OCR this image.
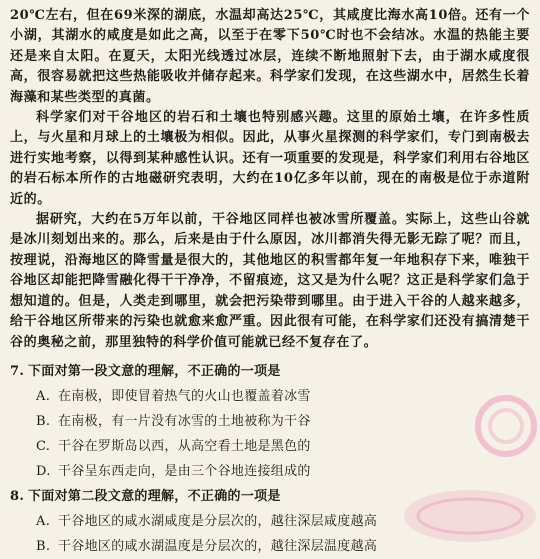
20℃左右，但在69米深的湖底，水温却高达25℃，其咸度比海水高10倍。还有一个小湖，其湖水的咸度是如此之高，以至于在零下50℃时也不会结冰。水温的热能主要还是来自太阳。在夏天，太阳光线透过冰层，连续不断地照射下去，由于湖水咸度很高，很容易就把这些热能吸收并储存起来。科学家们发现，在这些湖水中，居然生长着海藻和某些类型的真菌。

科学家们对干谷地区的岩石和土壤也特别感兴趣。这里的原始土壤，在许多性质上，与火星和月球上的土壤极为相似。因此，从事火星探测的科学家们，专门到南极去进行实地考察，以得到某种感性认识。还有一项重要的发现是，科学家们利用右谷地区的岩石标本所作的古地磁研究表明，大约在10亿多年以前，现在的南极是位于赤道附近的。

据研究，大约在5万年以前，干谷地区同样也被冰雪所覆盖。实际上，这些山谷就是冰川刻划出来的。那么，后来是由于什么原因，冰川都消失得无影无踪了呢？而且，按理说，沿海地区的降雪量是很大的，其他地区的积雪都年复一年地积存下来，唯独干谷地区却能把降雪融化得干干净净，不留痕迹，这又是为什么呢？这正是科学家们急于想知道的。但是，人类走到哪里，就会把污染带到哪里。由于进入干谷的人越来越多，给干谷地区所带来的污染也就愈来愈严重。因此很有可能，在科学家们还没有搞清楚干谷的奥秘之前，那里独特的科学价值可能就已经不复存在了。

7. 下面对第一段文意的理解，不正确的一项是

A. 在南极，即使冒着热气的火山也覆盖着冰雪

B. 在南极，有一片没有冰雪的土地被称为干谷

C. 干谷在罗斯岛以西，从高空看土地是黑色的

D. 干谷呈东西走向，是由三个谷地连接组成的

8. 下面对第二段文意的理解，不正确的一项是

A. 干谷地区的咸水湖咸度是分层次的，越往深层咸度越高

B. 干谷地区的咸水湖温度是分层次的，越往深层温度越高
